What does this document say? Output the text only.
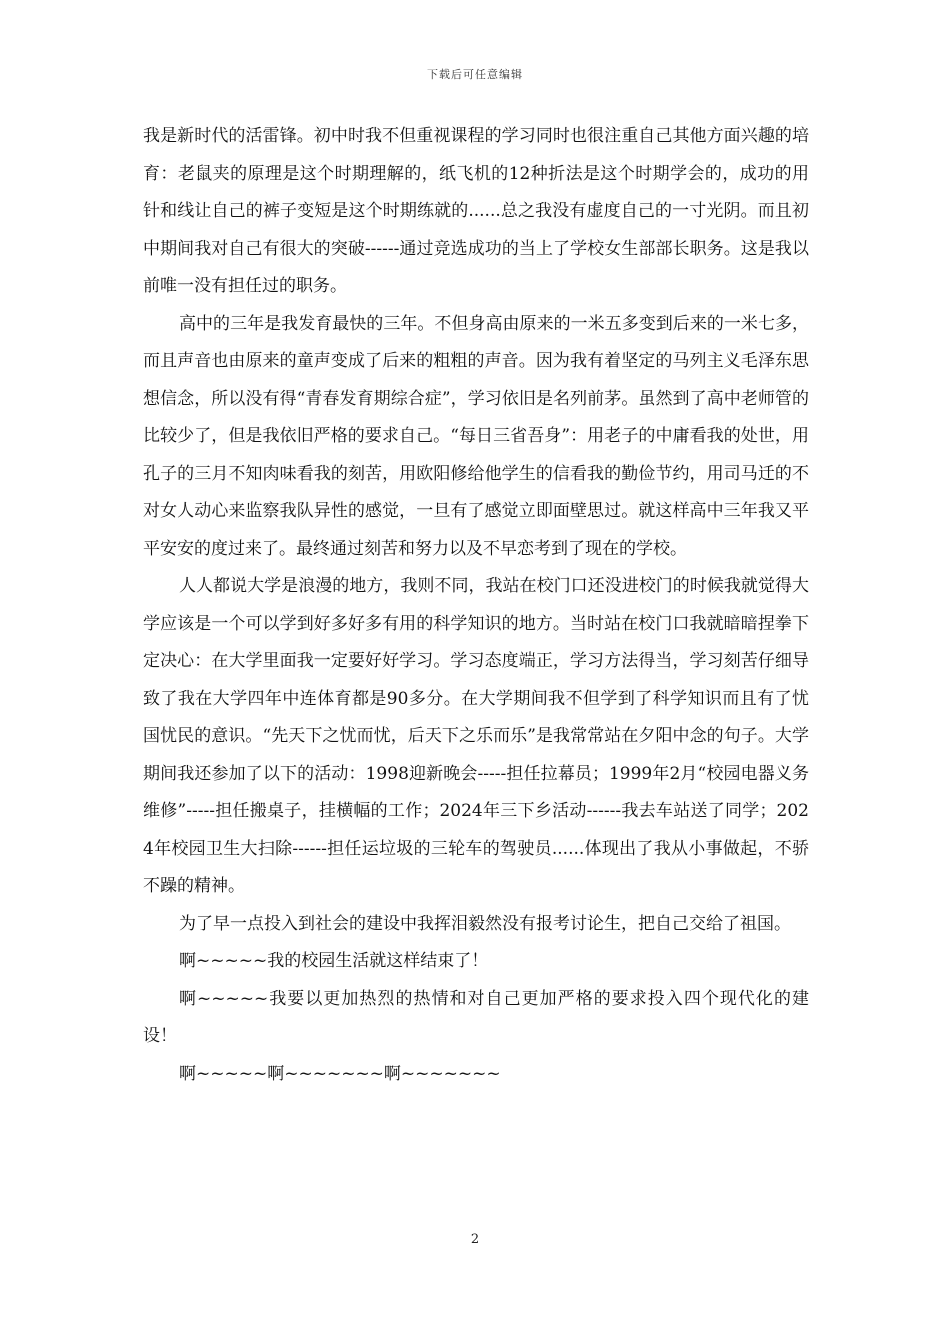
下载后可任意编辑

我是新时代的活雷锋。初中时我不但重视课程的学习同时也很注重自己其他方面兴趣的培育：老鼠夹的原理是这个时期理解的，纸飞机的12种折法是这个时期学会的，成功的用针和线让自己的裤子变短是这个时期练就的......总之我没有虚度自己的一寸光阴。而且初中期间我对自己有很大的突破------通过竞选成功的当上了学校女生部部长职务。这是我以前唯一没有担任过的职务。

高中的三年是我发育最快的三年。不但身高由原来的一米五多变到后来的一米七多，而且声音也由原来的童声变成了后来的粗粗的声音。因为我有着坚定的马列主义毛泽东思想信念，所以没有得“青春发育期综合症”，学习依旧是名列前茅。虽然到了高中老师管的比较少了，但是我依旧严格的要求自己。“每日三省吾身”：用老子的中庸看我的处世，用孔子的三月不知肉味看我的刻苦，用欧阳修给他学生的信看我的勤俭节约，用司马迁的不对女人动心来监察我队异性的感觉，一旦有了感觉立即面壁思过。就这样高中三年我又平平安安的度过来了。最终通过刻苦和努力以及不早恋考到了现在的学校。

人人都说大学是浪漫的地方，我则不同，我站在校门口还没进校门的时候我就觉得大学应该是一个可以学到好多好多有用的科学知识的地方。当时站在校门口我就暗暗捏拳下定决心：在大学里面我一定要好好学习。学习态度端正，学习方法得当，学习刻苦仔细导致了我在大学四年中连体育都是90多分。在大学期间我不但学到了科学知识而且有了忧国忧民的意识。“先天下之忧而忧，后天下之乐而乐”是我常常站在夕阳中念的句子。大学期间我还参加了以下的活动：1998迎新晚会-----担任拉幕员；1999年2月“校园电器义务维修”-----担任搬桌子，挂横幅的工作；2024年三下乡活动------我去车站送了同学；2024年校园卫生大扫除------担任运垃圾的三轮车的驾驶员......体现出了我从小事做起，不骄不躁的精神。

为了早一点投入到社会的建设中我挥泪毅然没有报考讨论生，把自己交给了祖国。

啊~~~~~我的校园生活就这样结束了！

啊~~~~~我要以更加热烈的热情和对自己更加严格的要求投入四个现代化的建设！

啊~~~~~啊~~~~~~~啊~~~~~~~

2
